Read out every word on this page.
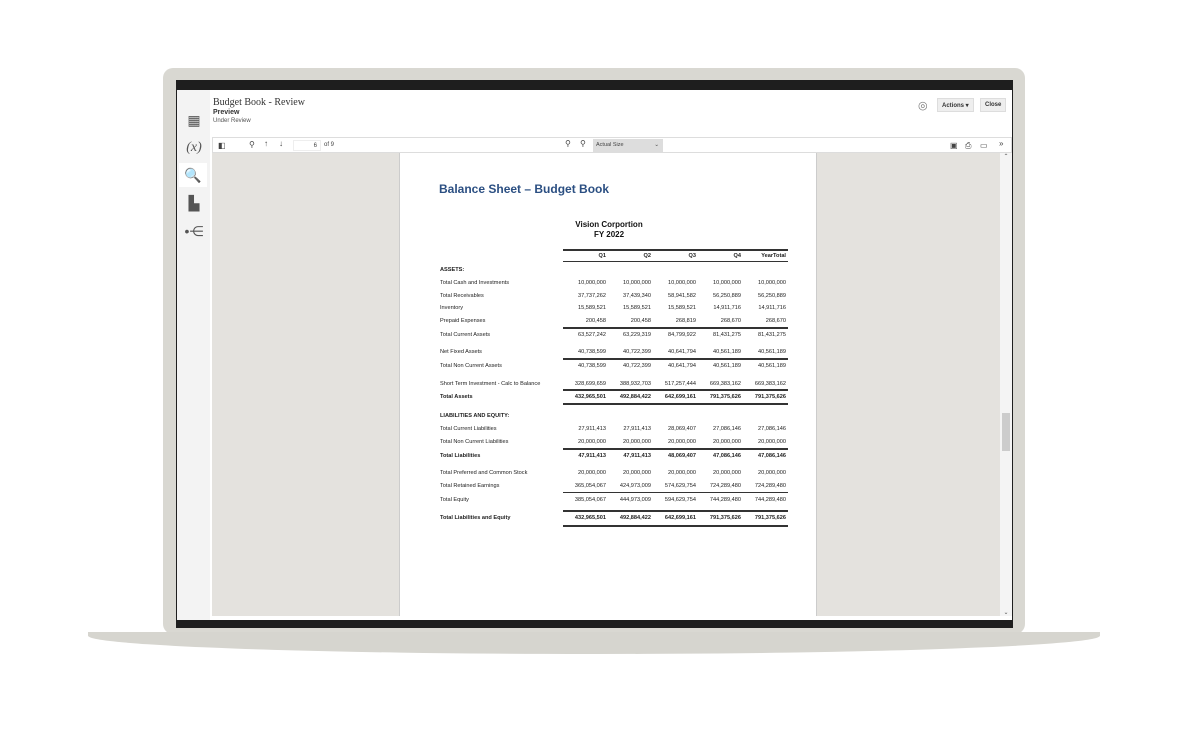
▦
(x)
🔍
▙
•⋲
Budget Book - Review
Preview
Under Review
◎	Actions ▾	Close
◧	⚲ ↑ ↓	6	of 9	⚲ ⚲	Actual Size	⌄	▣ ⎙ ▭ »
Balance Sheet – Budget Book
Vision Corportion
FY 2022
Q1	Q2	Q3	Q4	YearTotal
ASSETS:
Total Cash and Investments	10,000,000	10,000,000	10,000,000	10,000,000	10,000,000
Total Receivables	37,737,262	37,439,340	58,941,582	56,250,889	56,250,889
Inventory	15,589,521	15,589,521	15,589,521	14,911,716	14,911,716
Prepaid Expenses	200,458	200,458	268,819	268,670	268,670
Total Current Assets	63,527,242	63,229,319	84,799,922	81,431,275	81,431,275
Net Fixed Assets	40,738,599	40,722,399	40,641,794	40,561,189	40,561,189
Total Non Current Assets	40,738,599	40,722,399	40,641,794	40,561,189	40,561,189
Short Term Investment - Calc to Balance	328,699,659	388,932,703	517,257,444	669,383,162	669,383,162
Total Assets	432,965,501	492,884,422	642,699,161	791,375,626	791,375,626
LIABILITIES AND EQUITY:
Total Current Liabilities	27,911,413	27,911,413	28,069,407	27,086,146	27,086,146
Total Non Current Liabilities	20,000,000	20,000,000	20,000,000	20,000,000	20,000,000
Total Liabilities	47,911,413	47,911,413	48,069,407	47,086,146	47,086,146
Total Preferred and Common Stock	20,000,000	20,000,000	20,000,000	20,000,000	20,000,000
Total Retained Earnings	365,054,067	424,973,009	574,629,754	724,289,480	724,289,480
Total Equity	385,054,067	444,973,009	594,629,754	744,289,480	744,289,480
Total Liabilities and Equity	432,965,501	492,884,422	642,699,161	791,375,626	791,375,626
⌃
⌄
